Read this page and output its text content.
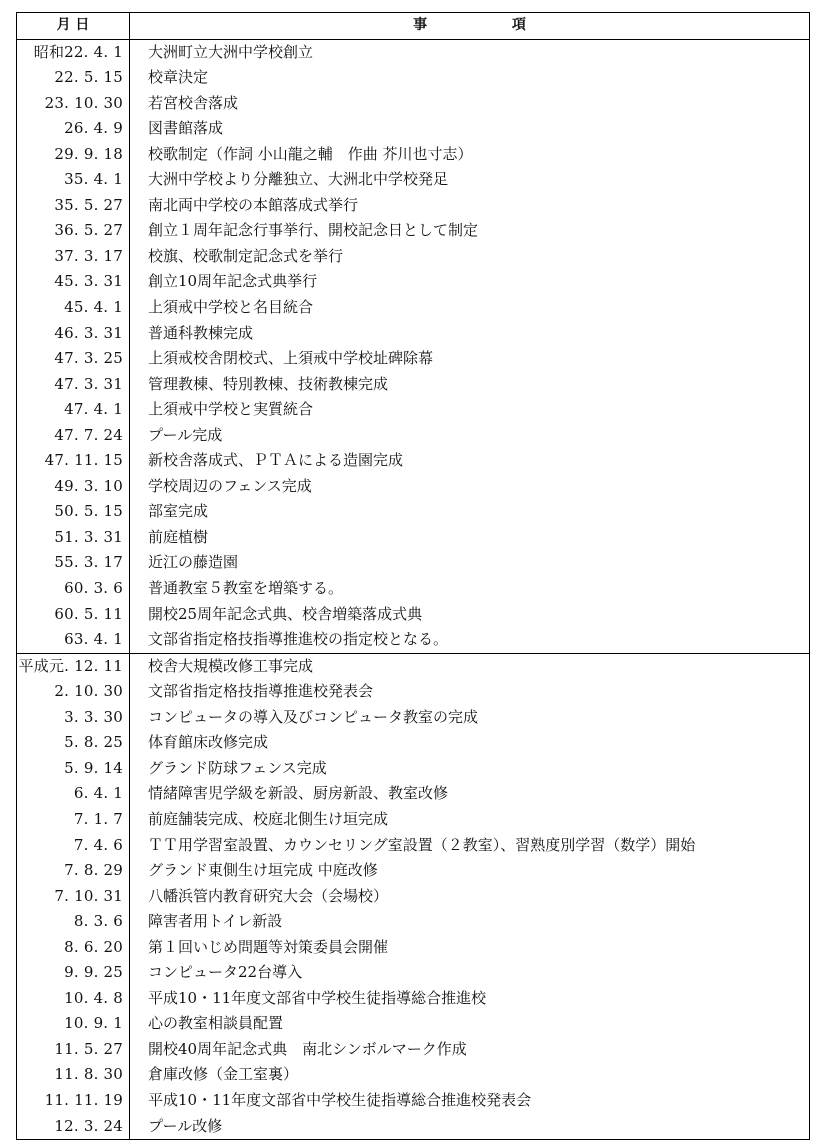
月 日	事 項
昭和22. 4. 1	大洲町立大洲中学校創立
22. 5. 15	校章決定
23. 10. 30	若宮校舎落成
26. 4. 9	図書館落成
29. 9. 18	校歌制定（作詞 小山龍之輔　作曲 芥川也寸志）
35. 4. 1	大洲中学校より分離独立、大洲北中学校発足
35. 5. 27	南北両中学校の本館落成式挙行
36. 5. 27	創立１周年記念行事挙行、開校記念日として制定
37. 3. 17	校旗、校歌制定記念式を挙行
45. 3. 31	創立10周年記念式典挙行
45. 4. 1	上須戒中学校と名目統合
46. 3. 31	普通科教棟完成
47. 3. 25	上須戒校舎閉校式、上須戒中学校址碑除幕
47. 3. 31	管理教棟、特別教棟、技術教棟完成
47. 4. 1	上須戒中学校と実質統合
47. 7. 24	プール完成
47. 11. 15	新校舎落成式、ＰＴＡによる造園完成
49. 3. 10	学校周辺のフェンス完成
50. 5. 15	部室完成
51. 3. 31	前庭植樹
55. 3. 17	近江の藤造園
60. 3. 6	普通教室５教室を増築する。
60. 5. 11	開校25周年記念式典、校舎増築落成式典
63. 4. 1	文部省指定格技指導推進校の指定校となる。
平成元. 12. 11	校舎大規模改修工事完成
2. 10. 30	文部省指定格技指導推進校発表会
3. 3. 30	コンピュータの導入及びコンピュータ教室の完成
5. 8. 25	体育館床改修完成
5. 9. 14	グランド防球フェンス完成
6. 4. 1	情緒障害児学級を新設、厨房新設、教室改修
7. 1. 7	前庭舗装完成、校庭北側生け垣完成
7. 4. 6	ＴＴ用学習室設置、カウンセリング室設置（２教室）、習熟度別学習（数学）開始
7. 8. 29	グランド東側生け垣完成 中庭改修
7. 10. 31	八幡浜管内教育研究大会（会場校）
8. 3. 6	障害者用トイレ新設
8. 6. 20	第１回いじめ問題等対策委員会開催
9. 9. 25	コンピュータ22台導入
10. 4. 8	平成10・11年度文部省中学校生徒指導総合推進校
10. 9. 1	心の教室相談員配置
11. 5. 27	開校40周年記念式典　南北シンボルマーク作成
11. 8. 30	倉庫改修（金工室裏）
11. 11. 19	平成10・11年度文部省中学校生徒指導総合推進校発表会
12. 3. 24	プール改修
